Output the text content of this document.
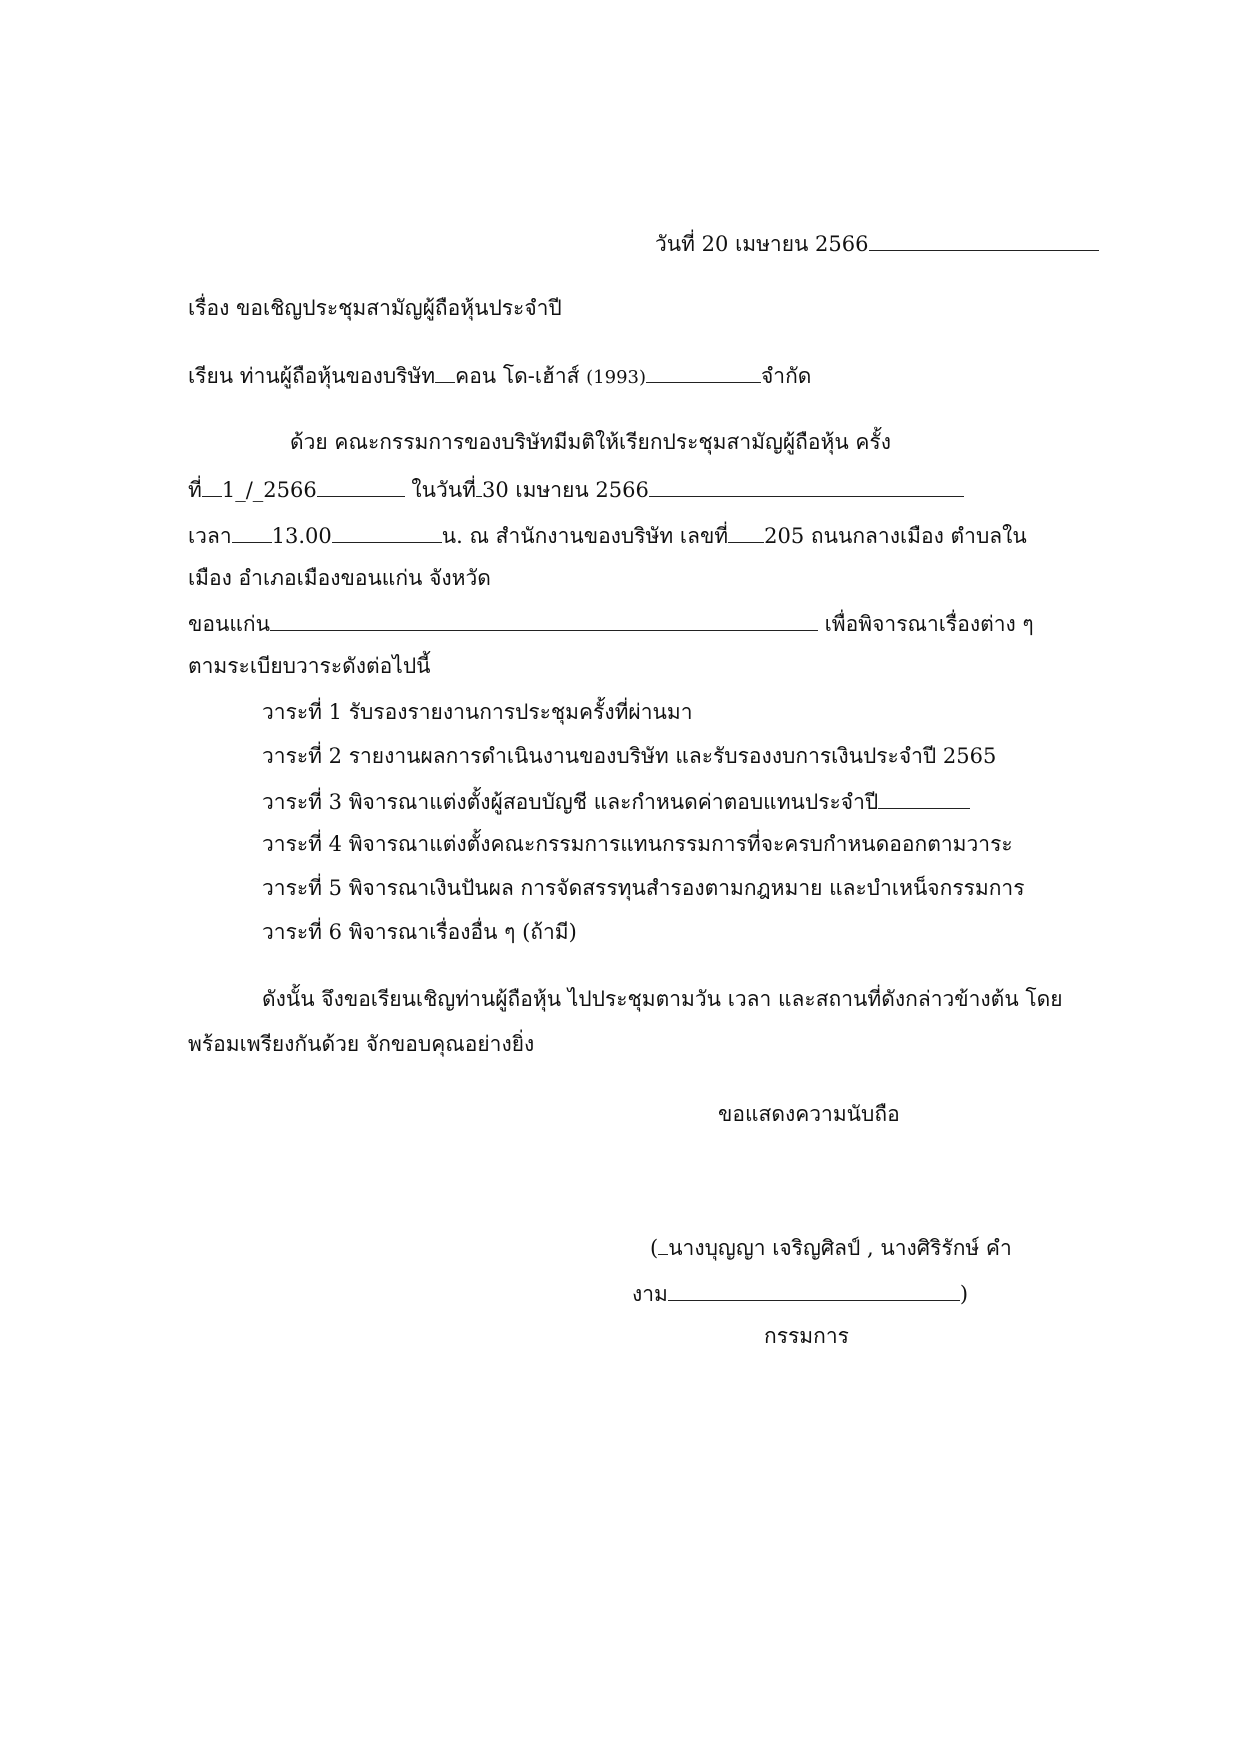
วันที่ 20 เมษายน 2566
เรื่อง ขอเชิญประชุมสามัญผู้ถือหุ้นประจำปี
เรียน ท่านผู้ถือหุ้นของบริษัท คอน โด-เฮ้าส์ (1993)	จำกัด
ด้วย คณะกรรมการของบริษัทมีมติให้เรียกประชุมสามัญผู้ถือหุ้น ครั้ง
ที่ 1_/_2566	ในวันที่ 30 เมษายน 2566
เวลา 13.00	น. ณ สำนักงานของบริษัท เลขที่ 205 ถนนกลางเมือง ตำบลใน
เมือง อำเภอเมืองขอนแก่น จังหวัด
ขอนแก่น	เพื่อพิจารณาเรื่องต่าง ๆ
ตามระเบียบวาระดังต่อไปนี้
วาระที่ 1 รับรองรายงานการประชุมครั้งที่ผ่านมา
วาระที่ 2 รายงานผลการดำเนินงานของบริษัท และรับรองงบการเงินประจำปี 2565
วาระที่ 3 พิจารณาแต่งตั้งผู้สอบบัญชี และกำหนดค่าตอบแทนประจำปี
วาระที่ 4 พิจารณาแต่งตั้งคณะกรรมการแทนกรรมการที่จะครบกำหนดออกตามวาระ
วาระที่ 5 พิจารณาเงินปันผล การจัดสรรทุนสำรองตามกฎหมาย และบำเหน็จกรรมการ
วาระที่ 6 พิจารณาเรื่องอื่น ๆ (ถ้ามี)
ดังนั้น จึงขอเรียนเชิญท่านผู้ถือหุ้น ไปประชุมตามวัน เวลา และสถานที่ดังกล่าวข้างต้น โดย
พร้อมเพรียงกันด้วย จักขอบคุณอย่างยิ่ง
ขอแสดงความนับถือ
( นางบุญญา เจริญศิลป์ , นางศิริรักษ์ คำ
งาม	)
กรรมการ
